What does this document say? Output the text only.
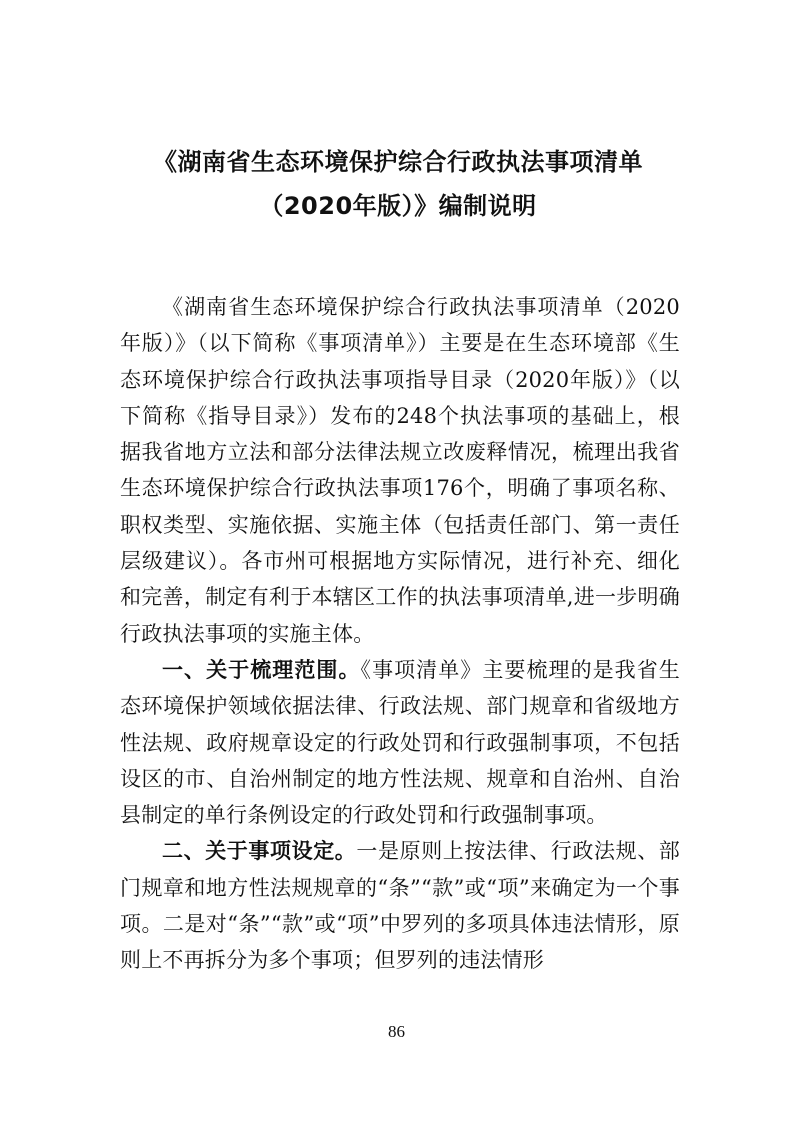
《湖南省生态环境保护综合行政执法事项清单
（2020年版）》编制说明

《湖南省生态环境保护综合行政执法事项清单（2020年版）》（以下简称《事项清单》）主要是在生态环境部《生态环境保护综合行政执法事项指导目录（2020年版）》（以下简称《指导目录》）发布的248个执法事项的基础上，根据我省地方立法和部分法律法规立改废释情况，梳理出我省生态环境保护综合行政执法事项176个，明确了事项名称、职权类型、实施依据、实施主体（包括责任部门、第一责任层级建议）。各市州可根据地方实际情况，进行补充、细化和完善，制定有利于本辖区工作的执法事项清单,进一步明确行政执法事项的实施主体。

一、关于梳理范围。《事项清单》主要梳理的是我省生态环境保护领域依据法律、行政法规、部门规章和省级地方性法规、政府规章设定的行政处罚和行政强制事项，不包括设区的市、自治州制定的地方性法规、规章和自治州、自治县制定的单行条例设定的行政处罚和行政强制事项。

二、关于事项设定。一是原则上按法律、行政法规、部门规章和地方性法规规章的“条”“款”或“项”来确定为一个事项。二是对“条”“款”或“项”中罗列的多项具体违法情形，原则上不再拆分为多个事项；但罗列的违法情形

86
